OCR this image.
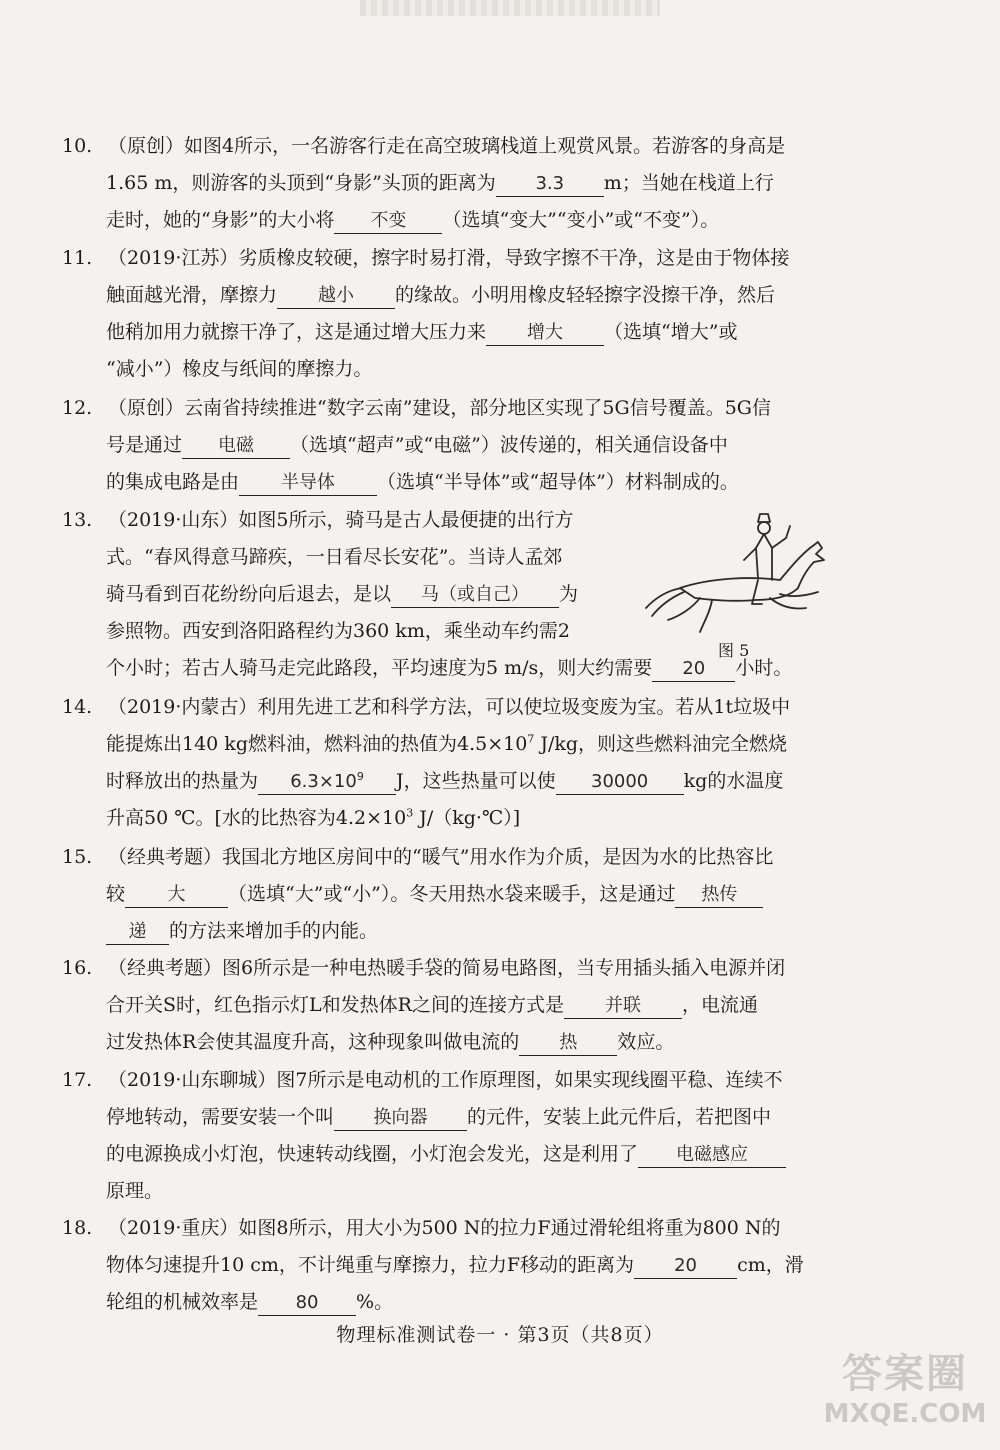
10. （原创）如图4所示，一名游客行走在高空玻璃栈道上观赏风景。若游客的身高是
1.65 m，则游客的头顶到“身影”头顶的距离为 3.3 m；当她在栈道上行
走时，她的“身影”的大小将 不变 （选填“变大”“变小”或“不变”）。
11. （2019·江苏）劣质橡皮较硬，擦字时易打滑，导致字擦不干净，这是由于物体接
触面越光滑，摩擦力 越小 的缘故。小明用橡皮轻轻擦字没擦干净，然后
他稍加用力就擦干净了，这是通过增大压力来 增大 （选填“增大”或
“减小”）橡皮与纸间的摩擦力。
12. （原创）云南省持续推进“数字云南”建设，部分地区实现了5G信号覆盖。5G信
号是通过 电磁 （选填“超声”或“电磁”）波传递的，相关通信设备中
的集成电路是由 半导体 （选填“半导体”或“超导体”）材料制成的。
13. （2019·山东）如图5所示，骑马是古人最便捷的出行方
式。“春风得意马蹄疾，一日看尽长安花”。当诗人孟郊
骑马看到百花纷纷向后退去，是以 马（或自己） 为
参照物。西安到洛阳路程约为360 km，乘坐动车约需2
个小时；若古人骑马走完此路段，平均速度为5 m/s，则大约需要 20 小时。
图 5
14. （2019·内蒙古）利用先进工艺和科学方法，可以使垃圾变废为宝。若从1t垃圾中
能提炼出140 kg燃料油，燃料油的热值为$4.5\times 10^7$ J/kg，则这些燃料油完全燃烧
时释放出的热量为 $6.3\times 10^9$ J，这些热量可以使 30000 kg的水温度
升高50 ℃。[水的比热容为$4.2\times 10^3$ J/（kg·℃）]
15. （经典考题）我国北方地区房间中的“暖气”用水作为介质，是因为水的比热容比
较 大 （选填“大”或“小”）。冬天用热水袋来暖手，这是通过 热传
递 的方法来增加手的内能。
16. （经典考题）图6所示是一种电热暖手袋的简易电路图，当专用插头插入电源并闭
合开关S时，红色指示灯L和发热体R之间的连接方式是 并联 ，电流通
过发热体R会使其温度升高，这种现象叫做电流的 热 效应。
17. （2019·山东聊城）图7所示是电动机的工作原理图，如果实现线圈平稳、连续不
停地转动，需要安装一个叫 换向器 的元件，安装上此元件后，若把图中
的电源换成小灯泡，快速转动线圈，小灯泡会发光，这是利用了 电磁感应
原理。
18. （2019·重庆）如图8所示，用大小为500 N的拉力F通过滑轮组将重为800 N的
物体匀速提升10 cm，不计绳重与摩擦力，拉力F移动的距离为 20 cm，滑
轮组的机械效率是 80 %。
物理标准测试卷一 · 第3页（共8页）
答案圈
MXQE.COM
